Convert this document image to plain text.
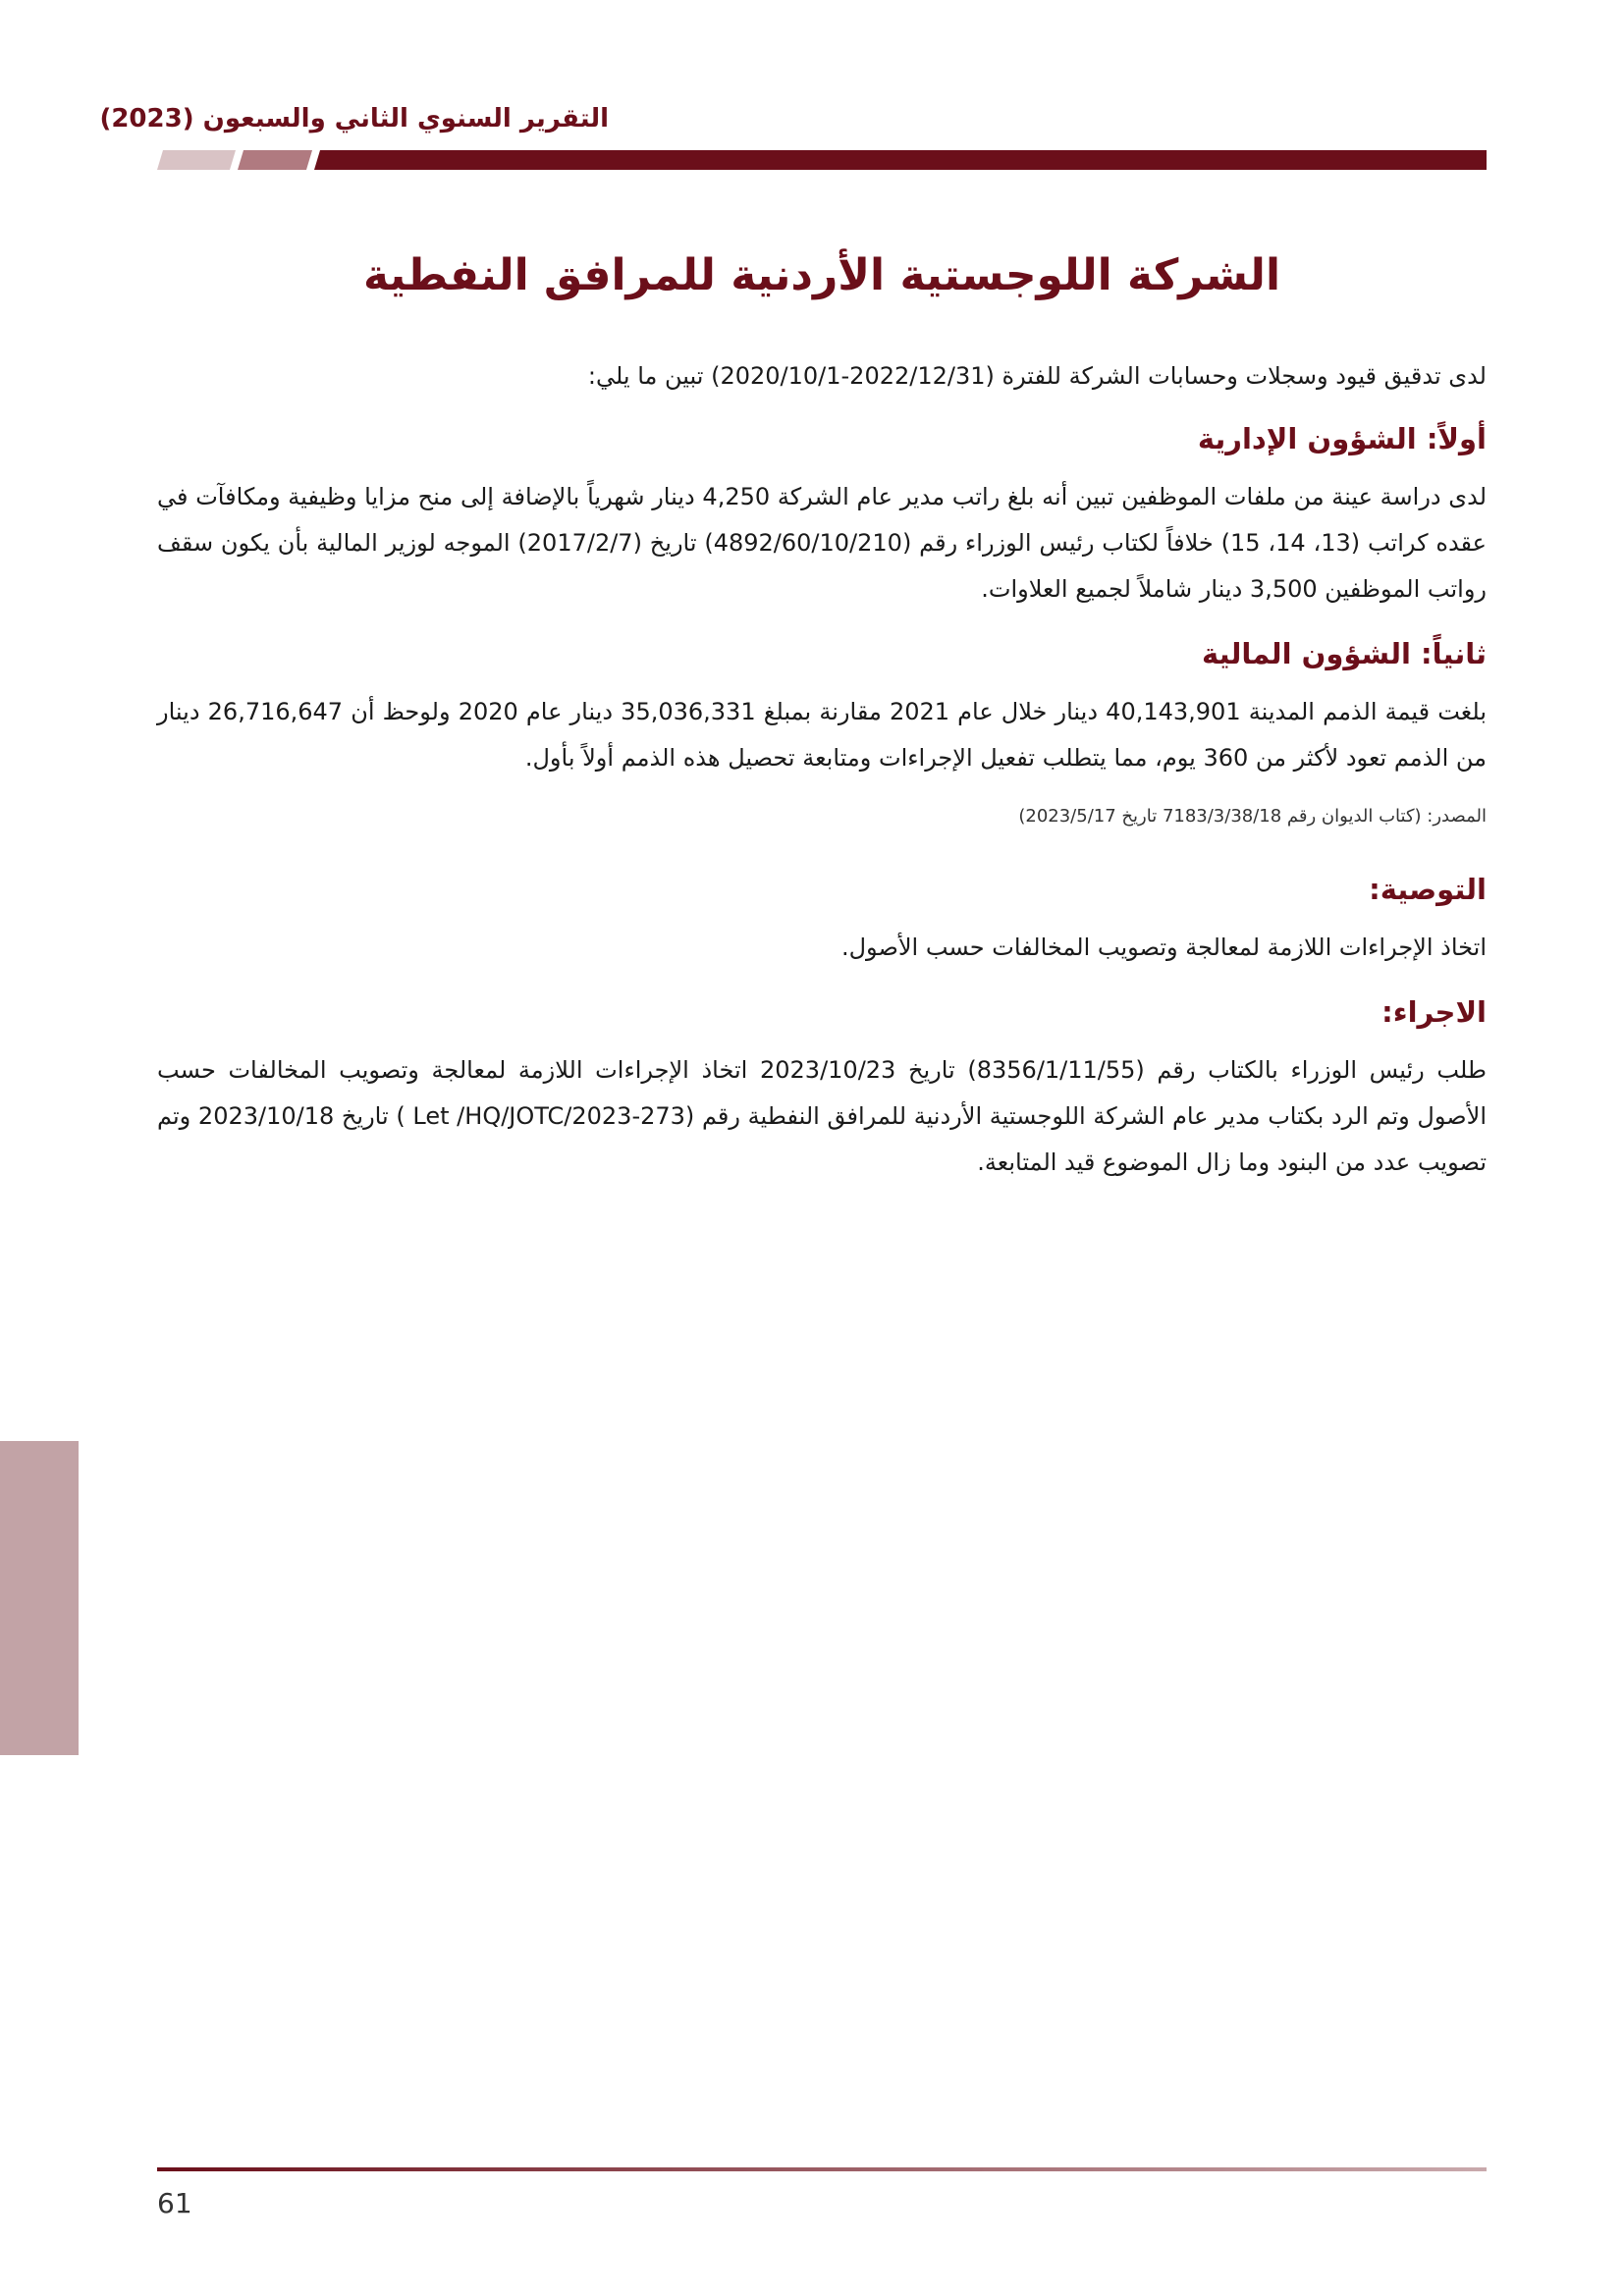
التقرير السنوي الثاني والسبعون (2023)
الشركة اللوجستية الأردنية للمرافق النفطية

لدى تدقيق قيود وسجلات وحسابات الشركة للفترة (2022/12/31-2020/10/1) تبين ما يلي:

أولاً: الشؤون الإدارية

لدى دراسة عينة من ملفات الموظفين تبين أنه بلغ راتب مدير عام الشركة 4,250 دينار شهرياً بالإضافة إلى منح مزايا وظيفية ومكافآت في عقده كراتب (13، 14، 15) خلافاً لكتاب رئيس الوزراء رقم (4892/60/10/210) تاريخ (2017/2/7) الموجه لوزير المالية بأن يكون سقف رواتب الموظفين 3,500 دينار شاملاً لجميع العلاوات.

ثانياً: الشؤون المالية

بلغت قيمة الذمم المدينة 40,143,901 دينار خلال عام 2021 مقارنة بمبلغ 35,036,331 دينار عام 2020 ولوحظ أن 26,716,647 دينار من الذمم تعود لأكثر من 360 يوم، مما يتطلب تفعيل الإجراءات ومتابعة تحصيل هذه الذمم أولاً بأول.

المصدر: (كتاب الديوان رقم 7183/3/38/18 تاريخ 2023/5/17)

التوصية:

اتخاذ الإجراءات اللازمة لمعالجة وتصويب المخالفات حسب الأصول.

الاجراء:

طلب رئيس الوزراء بالكتاب رقم (8356/1/11/55) تاريخ 2023/10/23 اتخاذ الإجراءات اللازمة لمعالجة وتصويب المخالفات حسب الأصول وتم الرد بكتاب مدير عام الشركة اللوجستية الأردنية للمرافق النفطية رقم (Let /HQ/JOTC/2023-273 ) تاريخ 2023/10/18 وتم تصويب عدد من البنود وما زال الموضوع قيد المتابعة.

61
